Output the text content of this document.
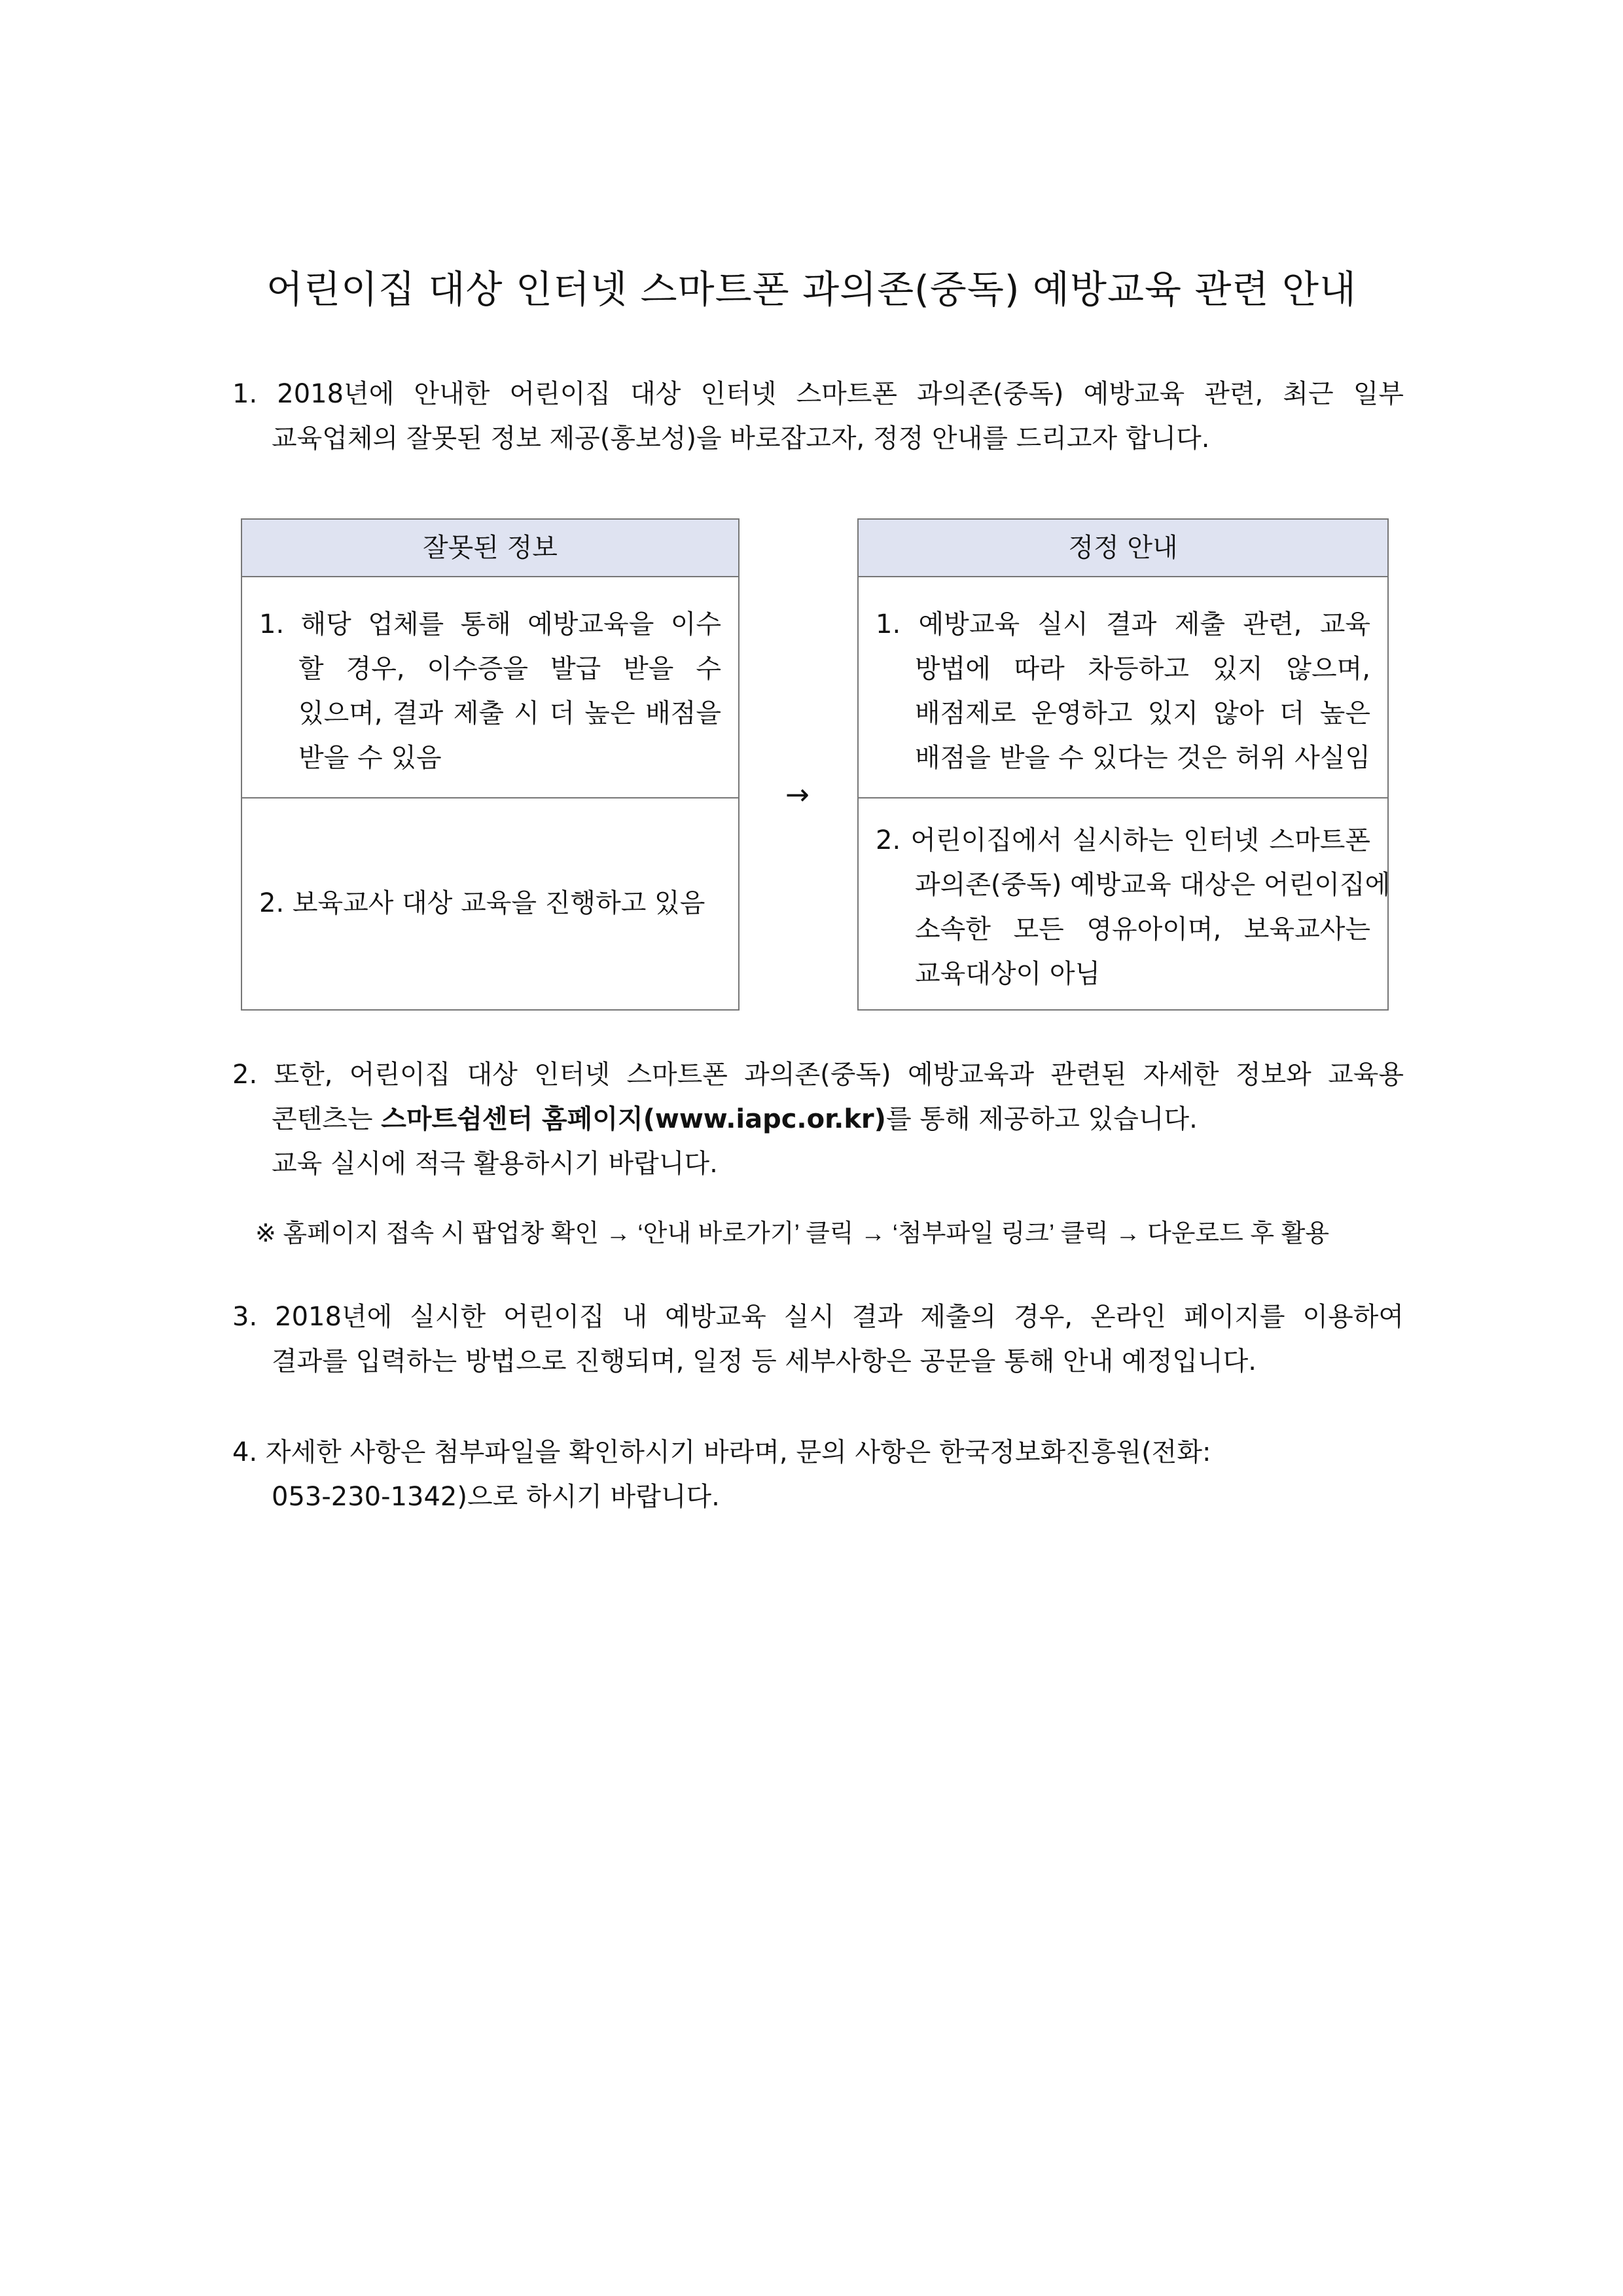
어린이집 대상 인터넷 스마트폰 과의존(중독) 예방교육 관련 안내
1. 2018년에 안내한 어린이집 대상 인터넷 스마트폰 과의존(중독) 예방교육 관련, 최근 일부
교육업체의 잘못된 정보 제공(홍보성)을 바로잡고자, 정정 안내를 드리고자 합니다.
잘못된 정보
1. 해당 업체를 통해 예방교육을 이수
할 경우, 이수증을 발급 받을 수
있으며, 결과 제출 시 더 높은 배점을
받을 수 있음
2. 보육교사 대상 교육을 진행하고 있음
→
정정 안내
1. 예방교육 실시 결과 제출 관련, 교육
방법에 따라 차등하고 있지 않으며,
배점제로 운영하고 있지 않아 더 높은
배점을 받을 수 있다는 것은 허위 사실임
2. 어린이집에서 실시하는 인터넷 스마트폰
과의존(중독) 예방교육 대상은 어린이집에
소속한 모든 영유아이며, 보육교사는
교육대상이 아님
2. 또한, 어린이집 대상 인터넷 스마트폰 과의존(중독) 예방교육과 관련된 자세한 정보와 교육용
콘텐츠는 스마트쉼센터 홈페이지(www.iapc.or.kr)를 통해 제공하고 있습니다.
교육 실시에 적극 활용하시기 바랍니다.
※ 홈페이지 접속 시 팝업창 확인 → ‘안내 바로가기’ 클릭 → ‘첨부파일 링크’ 클릭 → 다운로드 후 활용
3. 2018년에 실시한 어린이집 내 예방교육 실시 결과 제출의 경우, 온라인 페이지를 이용하여
결과를 입력하는 방법으로 진행되며, 일정 등 세부사항은 공문을 통해 안내 예정입니다.
4. 자세한 사항은 첨부파일을 확인하시기 바라며, 문의 사항은 한국정보화진흥원(전화:
053-230-1342)으로 하시기 바랍니다.
